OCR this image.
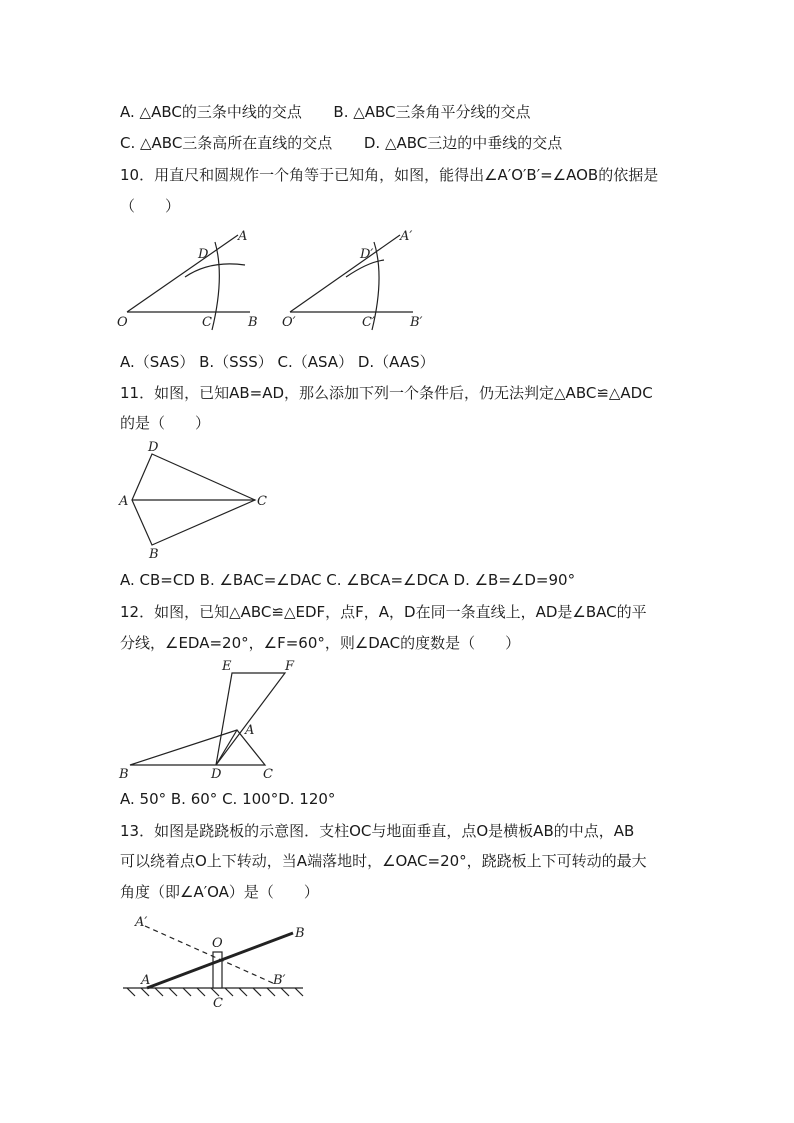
A. △ABC的三条中线的交点 B. △ABC三条角平分线的交点
C. △ABC三条高所在直线的交点 D. △ABC三边的中垂线的交点
10．用直尺和圆规作一个角等于已知角，如图，能得出∠A′O′B′=∠AOB的依据是
（　　）
O
A
B
C
D
O′
A′
B′
C′
D′
A.（SAS） B.（SSS） C.（ASA） D.（AAS）
11．如图，已知AB=AD，那么添加下列一个条件后，仍无法判定△ABC≌△ADC
的是（　　）
D
A	C
B
A. CB=CD B. ∠BAC=∠DAC C. ∠BCA=∠DCA D. ∠B=∠D=90°
12．如图，已知△ABC≌△EDF，点F，A，D在同一条直线上，AD是∠BAC的平
分线，∠EDA=20°，∠F=60°，则∠DAC的度数是（　　）
E	F
A
B	D	C
A. 50° B. 60° C. 100°D. 120°
13．如图是跷跷板的示意图．支柱OC与地面垂直，点O是横板AB的中点，AB
可以绕着点O上下转动，当A端落地时，∠OAC=20°，跷跷板上下可转动的最大
角度（即∠A′OA）是（　　）
A′
O
B
A
C
B′
